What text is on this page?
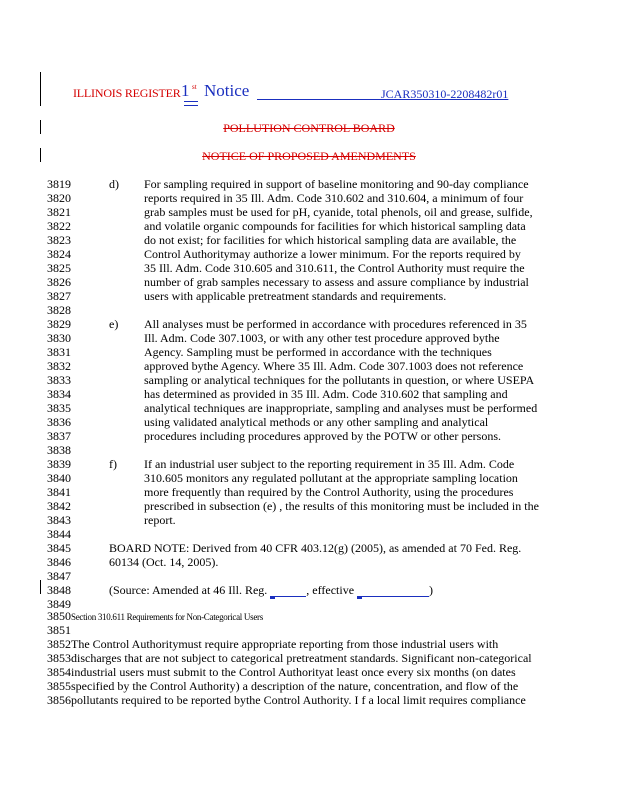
ILLINOIS REGISTER 1 st Notice	JCAR350310-2208482r01
POLLUTION CONTROL BOARD
NOTICE OF PROPOSED AMENDMENTS
d)
3819	For sampling required in support of baseline monitoring and 90-day compliance
3820	reports required in 35 Ill. Adm. Code 310.602 and 310.604, a minimum of four
3821	grab samples must be used for pH, cyanide, total phenols, oil and grease, sulfide,
3822	and volatile organic compounds for facilities for which historical sampling data
3823	do not exist; for facilities for which historical sampling data are available, the
3824	Control Authoritymay authorize a lower minimum. For the reports required by
3825	35 Ill. Adm. Code 310.605 and 310.611, the Control Authority must require the
3826	number of grab samples necessary to assess and assure compliance by industrial
3827	users with applicable pretreatment standards and requirements.
3828
e)
3829	All analyses must be performed in accordance with procedures referenced in 35
3830	Ill. Adm. Code 307.1003, or with any other test procedure approved bythe
3831	Agency. Sampling must be performed in accordance with the techniques
3832	approved bythe Agency. Where 35 Ill. Adm. Code 307.1003 does not reference
3833	sampling or analytical techniques for the pollutants in question, or where USEPA
3834	has determined as provided in 35 Ill. Adm. Code 310.602 that sampling and
3835	analytical techniques are inappropriate, sampling and analyses must be performed
3836	using validated analytical methods or any other sampling and analytical
3837	procedures including procedures approved by the POTW or other persons.
3838
f)
3839	If an industrial user subject to the reporting requirement in 35 Ill. Adm. Code
3840	310.605 monitors any regulated pollutant at the appropriate sampling location
3841	more frequently than required by the Control Authority, using the procedures
3842	prescribed in subsection (e) , the results of this monitoring must be included in the
3843	report.
3844
3845	BOARD NOTE: Derived from 40 CFR 403.12(g) (2005), as amended at 70 Fed. Reg.
3846	60134 (Oct. 14, 2005).
3847
3848	(Source: Amended at 46 Ill. Reg.	, effective	)
3849
3850Section 310.611 Requirements for Non-Categorical Users
3851
3852The Control Authoritymust require appropriate reporting from those industrial users with
3853discharges that are not subject to categorical pretreatment standards. Significant non-categorical
3854industrial users must submit to the Control Authorityat least once every six months (on dates
3855specified by the Control Authority) a description of the nature, concentration, and flow of the
3856pollutants required to be reported bythe Control Authority. I f a local limit requires compliance
